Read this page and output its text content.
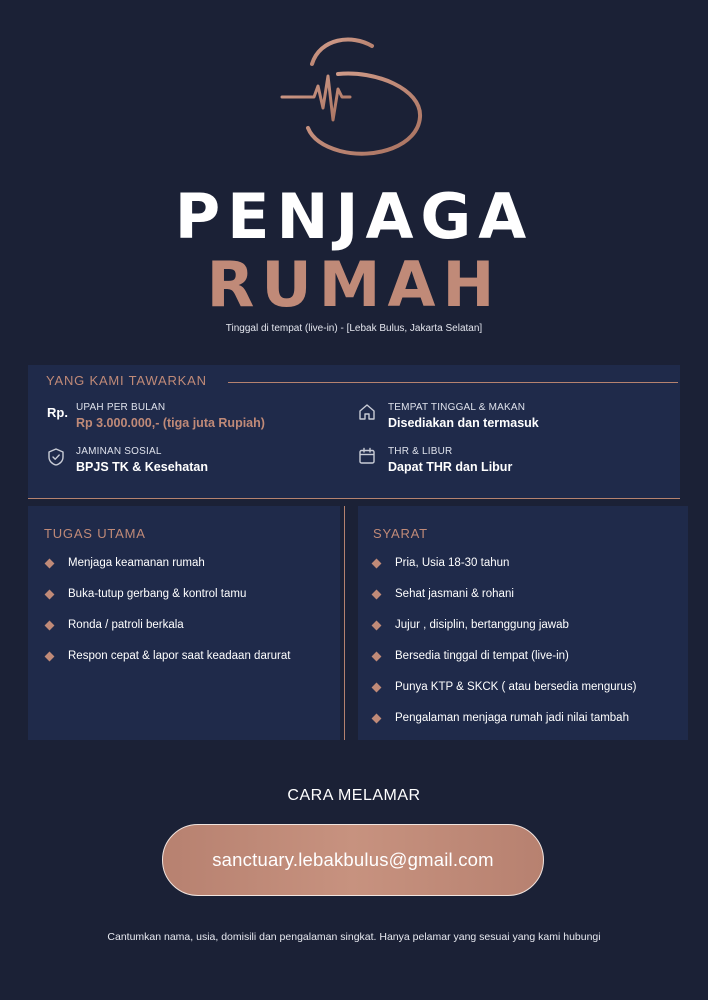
PENJAGA
RUMAH
Tinggal di tempat (live-in) - [Lebak Bulus, Jakarta Selatan]
YANG KAMI TAWARKAN
Rp. UPAH PER BULAN
Rp 3.000.000,- (tiga juta Rupiah)
TEMPAT TINGGAL & MAKAN
Disediakan dan termasuk
JAMINAN SOSIAL
BPJS TK & Kesehatan
THR & LIBUR
Dapat THR dan Libur
TUGAS UTAMA
Menjaga keamanan rumah
Buka-tutup gerbang & kontrol tamu
Ronda / patroli berkala
Respon cepat & lapor saat keadaan darurat
SYARAT
Pria, Usia 18-30 tahun
Sehat jasmani & rohani
Jujur , disiplin, bertanggung jawab
Bersedia tinggal di tempat (live-in)
Punya KTP & SKCK ( atau bersedia mengurus)
Pengalaman menjaga rumah jadi nilai tambah
CARA MELAMAR
sanctuary.lebakbulus@gmail.com
Cantumkan nama, usia, domisili dan pengalaman singkat. Hanya pelamar yang sesuai yang kami hubungi
